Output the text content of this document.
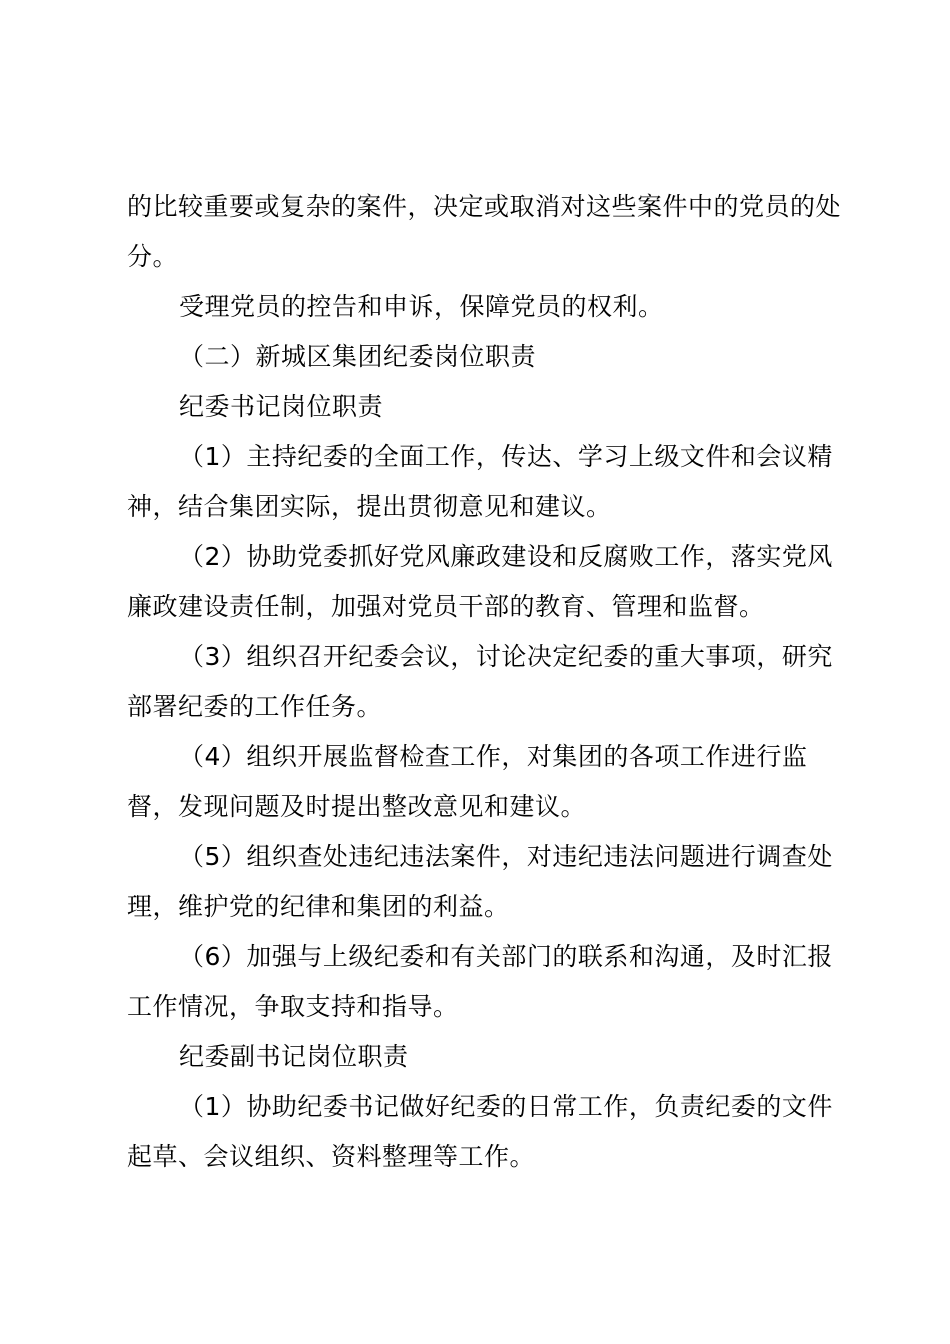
的比较重要或复杂的案件，决定或取消对这些案件中的党员的处分。

受理党员的控告和申诉，保障党员的权利。

（二）新城区集团纪委岗位职责

纪委书记岗位职责

（1）主持纪委的全面工作，传达、学习上级文件和会议精神，结合集团实际，提出贯彻意见和建议。

（2）协助党委抓好党风廉政建设和反腐败工作，落实党风廉政建设责任制，加强对党员干部的教育、管理和监督。

（3）组织召开纪委会议，讨论决定纪委的重大事项，研究部署纪委的工作任务。

（4）组织开展监督检查工作，对集团的各项工作进行监督，发现问题及时提出整改意见和建议。

（5）组织查处违纪违法案件，对违纪违法问题进行调查处理，维护党的纪律和集团的利益。

（6）加强与上级纪委和有关部门的联系和沟通，及时汇报工作情况，争取支持和指导。

纪委副书记岗位职责

（1）协助纪委书记做好纪委的日常工作，负责纪委的文件起草、会议组织、资料整理等工作。
